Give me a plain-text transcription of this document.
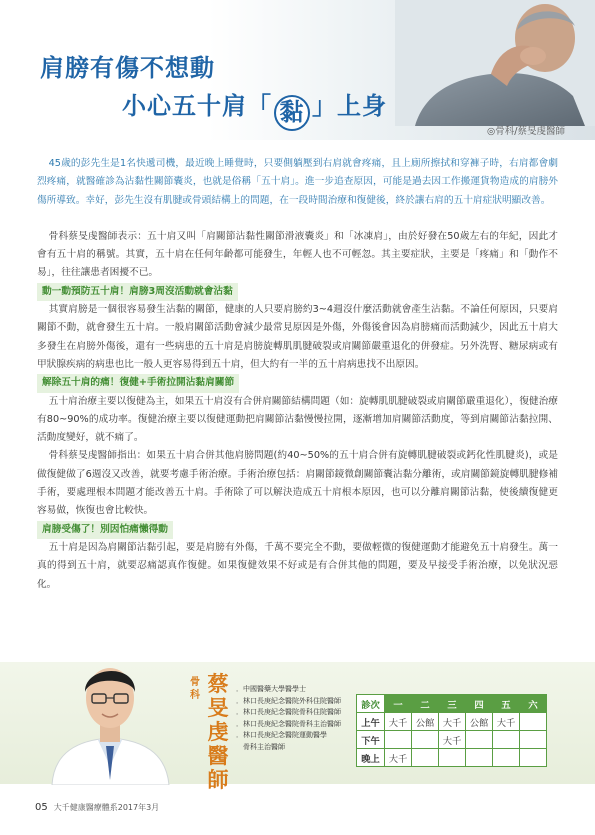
肩膀有傷不想動
小心五十肩「 黏 」上身
◎骨科/蔡旻虔醫師

45歲的彭先生是1名快遞司機，最近晚上睡覺時，只要側躺壓到右肩就會疼痛，且上廁所擦拭和穿褲子時，右肩都會劇烈疼痛，就醫確診為沾黏性關節囊炎，也就是俗稱「五十肩」。進一步追查原因，可能是過去因工作搬運貨物造成的肩膀外傷所導致。幸好，彭先生沒有肌腱或骨頭結構上的問題，在一段時間治療和復健後，終於讓右肩的五十肩症狀明顯改善。

骨科蔡旻虔醫師表示：五十肩又叫「肩關節沾黏性關節滑液囊炎」和「冰凍肩」，由於好發在50歲左右的年紀，因此才會有五十肩的稱號。其實，五十肩在任何年齡都可能發生，年輕人也不可輕忽。其主要症狀，主要是「疼痛」和「動作不易」，往往讓患者困擾不已。

動一動預防五十肩！肩膀3周沒活動就會沾黏

其實肩膀是一個很容易發生沾黏的關節，健康的人只要肩膀約3~4週沒什麼活動就會產生沾黏。不論任何原因，只要肩關節不動，就會發生五十肩。一般肩關節活動會減少最常見原因是外傷，外傷後會因為肩膀痛而活動減少，因此五十肩大多發生在肩膀外傷後，還有一些病患的五十肩是肩膀旋轉肌肌腱破裂或肩關節嚴重退化的併發症。另外洗腎、糖尿病或有甲狀腺疾病的病患也比一般人更容易得到五十肩，但大約有一半的五十肩病患找不出原因。

解除五十肩的痛！復健+手術拉開沾黏肩關節

五十肩治療主要以復健為主，如果五十肩沒有合併肩關節結構問題（如：旋轉肌肌腱破裂或肩關節嚴重退化），復健治療有80~90%的成功率。復健治療主要以復健運動把肩關節沾黏慢慢拉開，逐漸增加肩關節活動度，等到肩關節沾黏拉開、活動度變好，就不痛了。

骨科蔡旻虔醫師指出：如果五十肩合併其他肩膀問題(約40~50%的五十肩合併有旋轉肌腱破裂或鈣化性肌腱炎)，或是做復健做了6週沒又改善，就要考慮手術治療。手術治療包括：肩關節鏡微創關節囊沾黏分離術，或肩關節鏡旋轉肌腱修補手術，要處理根本問題才能改善五十肩。手術除了可以解決造成五十肩根本原因，也可以分離肩關節沾黏，使後續復健更容易做，恢復也會比較快。

肩膀受傷了！別因怕痛懶得動

五十肩是因為肩關節沾黏引起，要是肩膀有外傷，千萬不要完全不動，要做輕微的復健運動才能避免五十肩發生。萬一真的得到五十肩，就要忍痛認真作復健。如果復健效果不好或是有合併其他的問題，要及早接受手術治療，以免狀況惡化。

骨科 蔡旻虔醫師
．中國醫藥大學醫學士
．林口長庚紀念醫院外科住院醫師
．林口長庚紀念醫院骨科住院醫師
．林口長庚紀念醫院骨科主治醫師
．林口長庚紀念醫院運動醫學
　骨科主治醫師
診次	一	二	三	四	五	六
上午	大千	公館	大千	公館	大千	
下午			大千			
晚上	大千					
05 大千健康醫療體系2017年3月
